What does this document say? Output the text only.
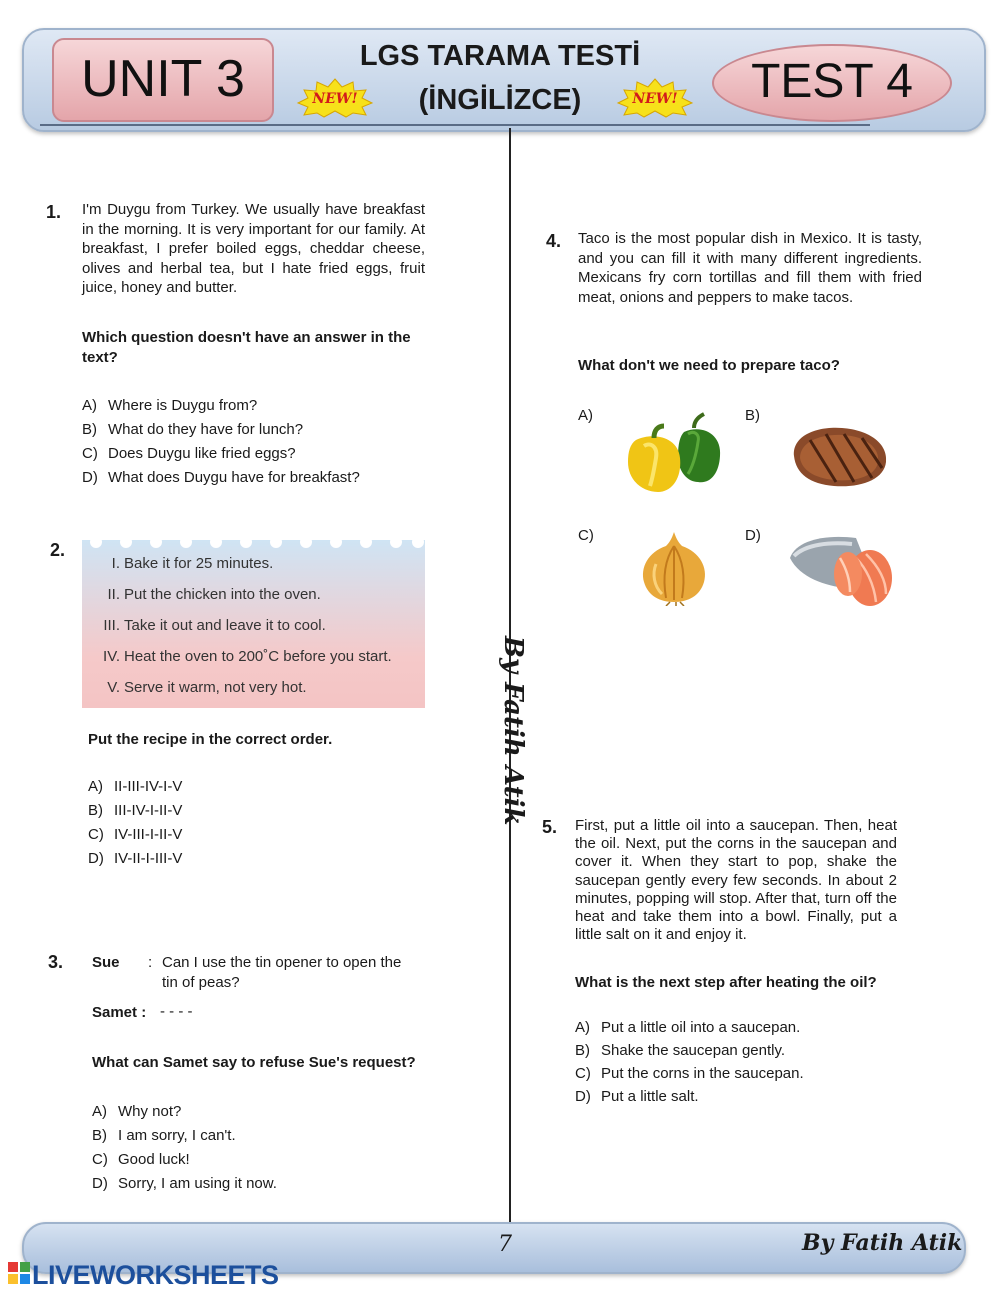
UNIT 3	LGS TARAMA TESTİ
(İNGİLİZCE)
NEW!	NEW!	TEST 4
By Fatih Atik
1. I'm Duygu from Turkey. We usually have breakfast in the morning. It is very important for our family. At breakfast, I prefer boiled eggs, cheddar cheese, olives and herbal tea, but I hate fried eggs, fruit juice, honey and butter.
Which question doesn't have an answer in the text?
A) Where is Duygu from?
B) What do they have for lunch?
C) Does Duygu like fried eggs?
D) What does Duygu have for breakfast?
2.
I. Bake it for 25 minutes.
II. Put the chicken into the oven.
III. Take it out and leave it to cool.
IV. Heat the oven to 200˚C before you start.
V. Serve it warm, not very hot.
Put the recipe in the correct order.
A) II-III-IV-I-V
B) III-IV-I-II-V
C) IV-III-I-II-V
D) IV-II-I-III-V
3. Sue : Can I use the tin opener to open the tin of peas?
Samet : - - - -
What can Samet say to refuse Sue's request?
A) Why not?
B) I am sorry, I can't.
C) Good luck!
D) Sorry, I am using it now.
4. Taco is the most popular dish in Mexico. It is tasty, and you can fill it with many different ingredients. Mexicans fry corn tortillas and fill them with fried meat, onions and peppers to make tacos.
What don't we need to prepare taco?
A)	B)
C)	D)
5. First, put a little oil into a saucepan. Then, heat the oil. Next, put the corns in the saucepan and cover it. When they start to pop, shake the saucepan gently every few seconds. In about 2 minutes, popping will stop. After that, turn off the heat and take them into a bowl. Finally, put a little salt on it and enjoy it.
What is the next step after heating the oil?
A) Put a little oil into a saucepan.
B) Shake the saucepan gently.
C) Put the corns in the saucepan.
D) Put a little salt.
7	By Fatih Atik
LIVEWORKSHEETS
